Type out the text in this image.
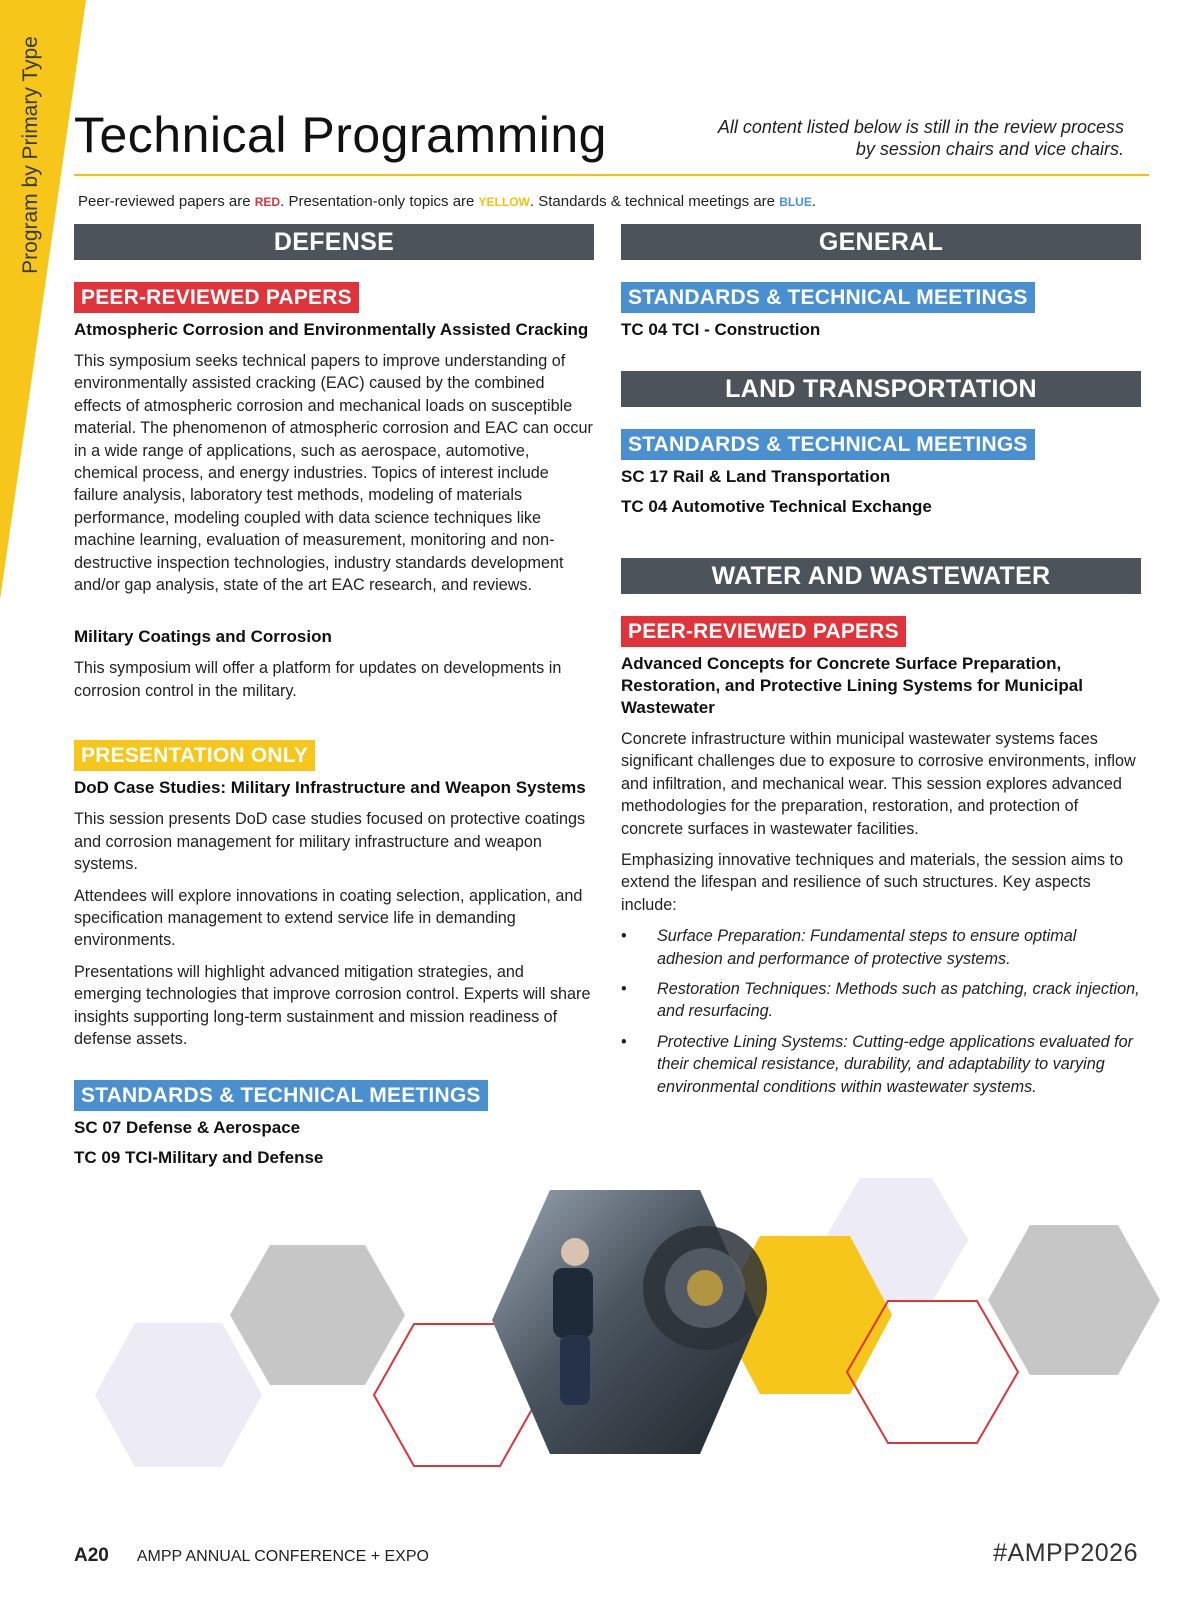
Program by Primary Type Technical Programming	All content listed below is still in the review process
by session chairs and vice chairs.
Peer-reviewed papers are RED. Presentation-only topics are YELLOW. Standards & technical meetings are BLUE.
DEFENSE
PEER-REVIEWED PAPERS

Atmospheric Corrosion and Environmentally Assisted Cracking

This symposium seeks technical papers to improve understanding of environmentally assisted cracking (EAC) caused by the combined effects of atmospheric corrosion and mechanical loads on susceptible material. The phenomenon of atmospheric corrosion and EAC can occur in a wide range of applications, such as aerospace, automotive, chemical process, and energy industries. Topics of interest include failure analysis, laboratory test methods, modeling of materials performance, modeling coupled with data science techniques like machine learning, evaluation of measurement, monitoring and non-destructive inspection technologies, industry standards development and/or gap analysis, state of the art EAC research, and reviews.

Military Coatings and Corrosion

This symposium will offer a platform for updates on developments in corrosion control in the military.

PRESENTATION ONLY

DoD Case Studies: Military Infrastructure and Weapon Systems

This session presents DoD case studies focused on protective coatings and corrosion management for military infrastructure and weapon systems.

Attendees will explore innovations in coating selection, application, and specification management to extend service life in demanding environments.

Presentations will highlight advanced mitigation strategies, and emerging technologies that improve corrosion control. Experts will share insights supporting long-term sustainment and mission readiness of defense assets.

STANDARDS & TECHNICAL MEETINGS

SC 07 Defense & Aerospace

TC 09 TCI-Military and Defense

GENERAL
STANDARDS & TECHNICAL MEETINGS

TC 04 TCI - Construction

LAND TRANSPORTATION
STANDARDS & TECHNICAL MEETINGS

SC 17 Rail & Land Transportation

TC 04 Automotive Technical Exchange

WATER AND WASTEWATER
PEER-REVIEWED PAPERS

Advanced Concepts for Concrete Surface Preparation, Restoration, and Protective Lining Systems for Municipal Wastewater

Concrete infrastructure within municipal wastewater systems faces significant challenges due to exposure to corrosive environments, inflow and infiltration, and mechanical wear. This session explores advanced methodologies for the preparation, restoration, and protection of concrete surfaces in wastewater facilities.

Emphasizing innovative techniques and materials, the session aims to extend the lifespan and resilience of such structures. Key aspects include:

• Surface Preparation: Fundamental steps to ensure optimal adhesion and performance of protective systems.
• Restoration Techniques: Methods such as patching, crack injection, and resurfacing.
• Protective Lining Systems: Cutting-edge applications evaluated for their chemical resistance, durability, and adaptability to varying environmental conditions within wastewater systems.
A20 AMPP ANNUAL CONFERENCE + EXPO	#AMPP2026
